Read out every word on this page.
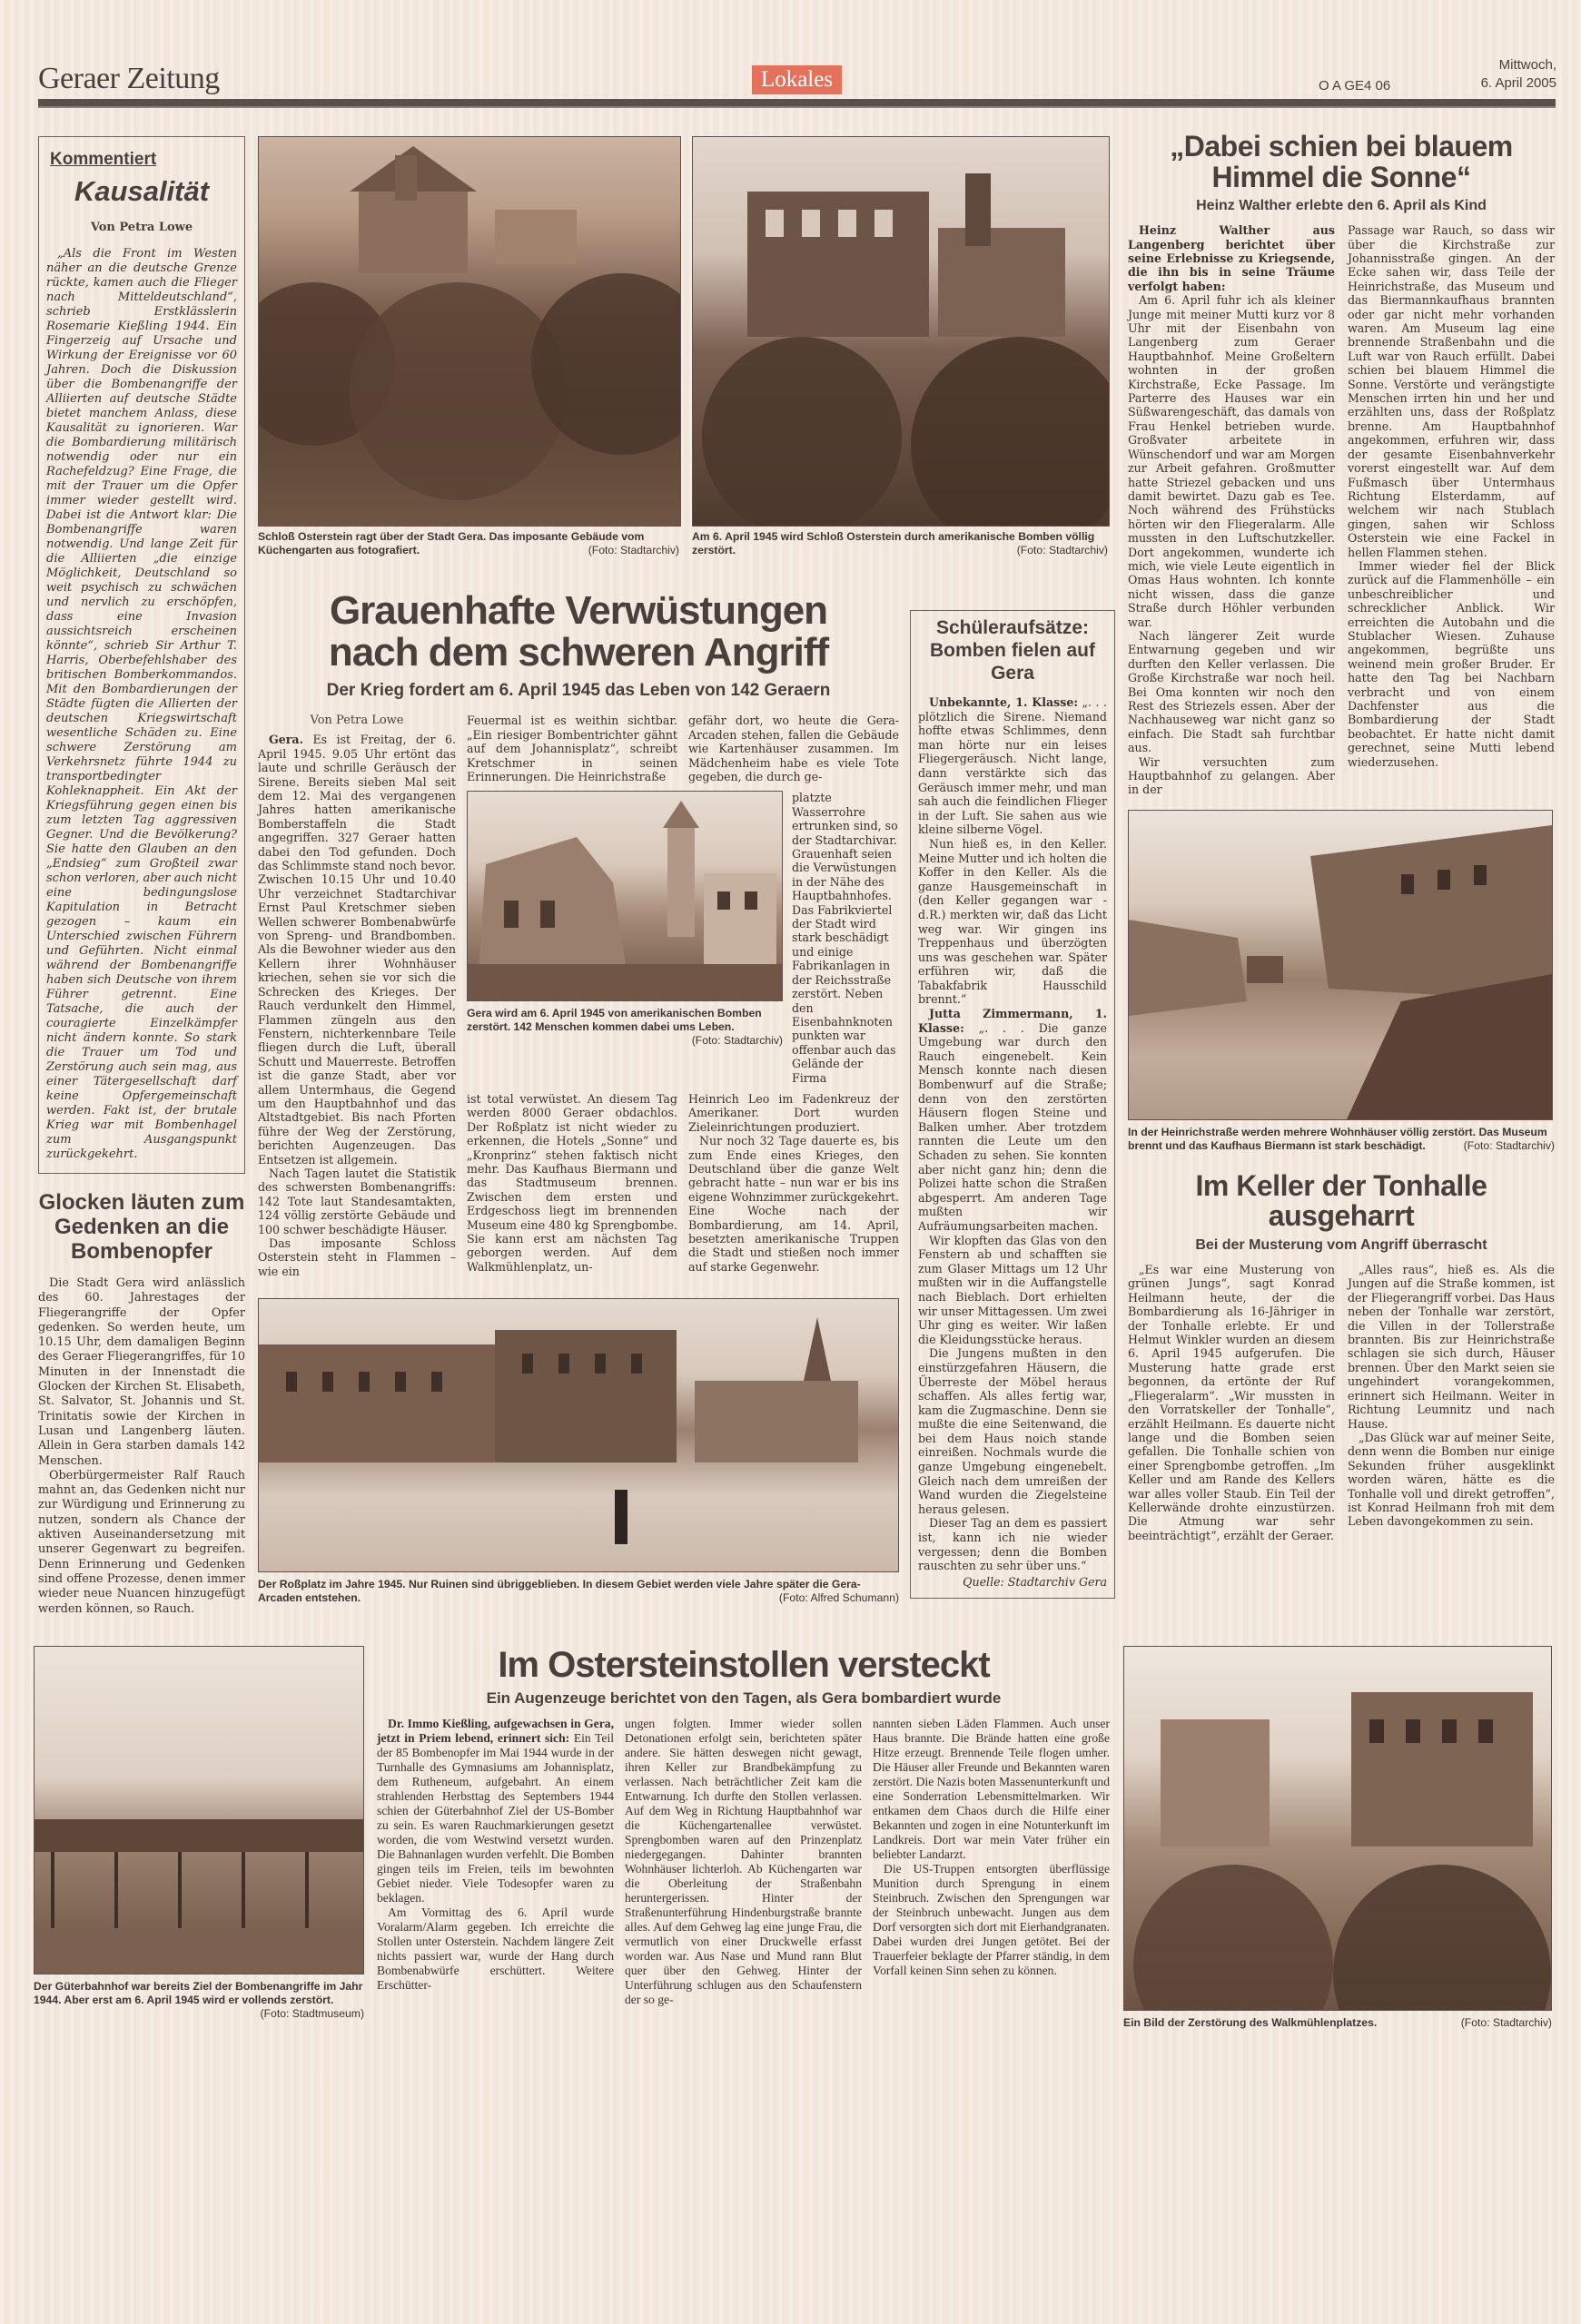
Geraer Zeitung	Lokales	O A GE4 06
Mittwoch,
6. April 2005
Kommentiert
Kausalität
Von Petra Lowe

„Als die Front im Westen näher an die deutsche Grenze rückte, kamen auch die Flieger nach Mitteldeutschland“, schrieb Erstklässlerin Rosemarie Kießling 1944. Ein Fingerzeig auf Ursache und Wirkung der Ereignisse vor 60 Jahren. Doch die Diskussion über die Bombenangriffe der Alliierten auf deutsche Städte bietet manchem Anlass, diese Kausalität zu ignorieren. War die Bombardierung militärisch notwendig oder nur ein Rachefeldzug? Eine Frage, die mit der Trauer um die Opfer immer wieder gestellt wird. Dabei ist die Antwort klar: Die Bombenangriffe waren notwendig. Und lange Zeit für die Alliierten „die einzige Möglichkeit, Deutschland so weit psychisch zu schwächen und nervlich zu erschöpfen, dass eine Invasion aussichtsreich erscheinen könnte“, schrieb Sir Arthur T. Harris, Oberbefehlshaber des britischen Bomberkommandos. Mit den Bombardierungen der Städte fügten die Allierten der deutschen Kriegswirtschaft wesentliche Schäden zu. Eine schwere Zerstörung am Verkehrsnetz führte 1944 zu transportbedingter Kohleknappheit. Ein Akt der Kriegsführung gegen einen bis zum letzten Tag aggressiven Gegner. Und die Bevölkerung? Sie hatte den Glauben an den „Endsieg“ zum Großteil zwar schon verloren, aber auch nicht eine bedingungslose Kapitulation in Betracht gezogen – kaum ein Unterschied zwischen Führern und Geführten. Nicht einmal während der Bombenangriffe haben sich Deutsche von ihrem Führer getrennt. Eine Tatsache, die auch der couragierte Einzelkämpfer nicht ändern konnte. So stark die Trauer um Tod und Zerstörung auch sein mag, aus einer Tätergesellschaft darf keine Opfergemeinschaft werden. Fakt ist, der brutale Krieg war mit Bombenhagel zum Ausgangspunkt zurückgekehrt.

Glocken läuten zum Gedenken an die Bombenopfer

Die Stadt Gera wird anlässlich des 60. Jahrestages der Fliegerangriffe der Opfer gedenken. So werden heute, um 10.15 Uhr, dem damaligen Beginn des Geraer Fliegerangriffes, für 10 Minuten in der Innenstadt die Glocken der Kirchen St. Elisabeth, St. Salvator, St. Johannis und St. Trinitatis sowie der Kirchen in Lusan und Langenberg läuten. Allein in Gera starben damals 142 Menschen.

Oberbürgermeister Ralf Rauch mahnt an, das Gedenken nicht nur zur Würdigung und Erinnerung zu nutzen, sondern als Chance der aktiven Auseinandersetzung mit unserer Gegenwart zu begreifen. Denn Erinnerung und Gedenken sind offene Prozesse, denen immer wieder neue Nuancen hinzugefügt werden können, so Rauch.

Schloß Osterstein ragt über der Stadt Gera. Das imposante Gebäude vom Küchengarten aus fotografiert.	(Foto: Stadtarchiv)
Am 6. April 1945 wird Schloß Osterstein durch amerikanische Bomben völlig zerstört.	(Foto: Stadtarchiv)
Grauenhafte Verwüstungen
nach dem schweren Angriff
Der Krieg fordert am 6. April 1945 das Leben von 142 Geraern
Von Petra Lowe

Gera. Es ist Freitag, der 6. April 1945. 9.05 Uhr ertönt das laute und schrille Geräusch der Sirene. Bereits sieben Mal seit dem 12. Mai des vergangenen Jahres hatten amerikanische Bomberstaffeln die Stadt angegriffen. 327 Geraer hatten dabei den Tod gefunden. Doch das Schlimmste stand noch bevor. Zwischen 10.15 Uhr und 10.40 Uhr verzeichnet Stadtarchivar Ernst Paul Kretschmer sieben Wellen schwerer Bombenabwürfe von Spreng- und Brandbomben. Als die Bewohner wieder aus den Kellern ihrer Wohnhäuser kriechen, sehen sie vor sich die Schrecken des Krieges. Der Rauch verdunkelt den Himmel, Flammen züngeln aus den Fenstern, nichterkennbare Teile fliegen durch die Luft, überall Schutt und Mauerreste. Betroffen ist die ganze Stadt, aber vor allem Untermhaus, die Gegend um den Hauptbahnhof und das Altstadtgebiet. Bis nach Pforten führe der Weg der Zerstörung, berichten Augenzeugen. Das Entsetzen ist allgemein.

Nach Tagen lautet die Statistik des schwersten Bombenangriffs: 142 Tote laut Standesamtakten, 124 völlig zerstörte Gebäude und 100 schwer beschädigte Häuser.

Das imposante Schloss Osterstein steht in Flammen – wie ein

Feuermal ist es weithin sichtbar. „Ein riesiger Bombentrichter gähnt auf dem Johannisplatz“, schreibt Kretschmer in seinen Erinnerungen. Die Heinrichstraße

gefähr dort, wo heute die Gera-Arcaden stehen, fallen die Gebäude wie Kartenhäuser zusammen. Im Mädchenheim habe es viele Tote gegeben, die durch ge-

Gera wird am 6. April 1945 von amerikanischen Bomben zerstört. 142 Menschen kommen dabei ums Leben.
(Foto: Stadtarchiv)

platzte Wasserrohre ertrunken sind, so der Stadtarchivar. Grauenhaft seien die Verwüstungen in der Nähe des Hauptbahnhofes. Das Fabrikviertel der Stadt wird stark beschädigt und einige Fabrikanlagen in der Reichsstraße zerstört. Neben den Eisenbahnknotenpunkten war offenbar auch das Gelände der Firma

ist total verwüstet. An diesem Tag werden 8000 Geraer obdachlos. Der Roßplatz ist nicht wieder zu erkennen, die Hotels „Sonne“ und „Kronprinz“ stehen faktisch nicht mehr. Das Kaufhaus Biermann und das Stadtmuseum brennen. Zwischen dem ersten und Erdgeschoss liegt im brennenden Museum eine 480 kg Sprengbombe. Sie kann erst am nächsten Tag geborgen werden. Auf dem Walkmühlenplatz, un-

Heinrich Leo im Fadenkreuz der Amerikaner. Dort wurden Zieleinrichtungen produziert.

Nur noch 32 Tage dauerte es, bis zum Ende eines Krieges, den Deutschland über die ganze Welt gebracht hatte – nun war er bis ins eigene Wohnzimmer zurückgekehrt. Eine Woche nach der Bombardierung, am 14. April, besetzten amerikanische Truppen die Stadt und stießen noch immer auf starke Gegenwehr.

Schüleraufsätze: Bomben fielen auf Gera

Unbekannte, 1. Klasse: „. . . plötzlich die Sirene. Niemand hoffte etwas Schlimmes, denn man hörte nur ein leises Fliegergeräusch. Nicht lange, dann verstärkte sich das Geräusch immer mehr, und man sah auch die feindlichen Flieger in der Luft. Sie sahen aus wie kleine silberne Vögel.

Nun hieß es, in den Keller. Meine Mutter und ich holten die Koffer in den Keller. Als die ganze Hausgemeinschaft in (den Keller gegangen war - d.R.) merkten wir, daß das Licht weg war. Wir gingen ins Treppenhaus und überzögten uns was geschehen war. Später erführen wir, daß die Tabakfabrik Hausschild brennt.“

Jutta Zimmermann, 1. Klasse: „. . . Die ganze Umgebung war durch den Rauch eingenebelt. Kein Mensch konnte nach diesen Bombenwurf auf die Straße; denn von den zerstörten Häusern flogen Steine und Balken umher. Aber trotzdem rannten die Leute um den Schaden zu sehen. Sie konnten aber nicht ganz hin; denn die Polizei hatte schon die Straßen abgesperrt. Am anderen Tage mußten wir Aufräumungsarbeiten machen.

Wir klopften das Glas von den Fenstern ab und schafften sie zum Glaser Mittags um 12 Uhr mußten wir in die Auffangstelle nach Bieblach. Dort erhielten wir unser Mittagessen. Um zwei Uhr ging es weiter. Wir laßen die Kleidungsstücke heraus.

Die Jungens mußten in den einstürzgefahren Häusern, die Überreste der Möbel heraus schaffen. Als alles fertig war, kam die Zugmaschine. Denn sie mußte die eine Seitenwand, die bei dem Haus noich stande einreißen. Nochmals wurde die ganze Umgebung eingenebelt. Gleich nach dem umreißen der Wand wurden die Ziegelsteine heraus gelesen.

Dieser Tag an dem es passiert ist, kann ich nie wieder vergessen; denn die Bomben rauschten zu sehr über uns.“

Quelle: Stadtarchiv Gera
„Dabei schien bei blauem
Himmel die Sonne“
Heinz Walther erlebte den 6. April als Kind

Heinz Walther aus Langenberg berichtet über seine Erlebnisse zu Kriegsende, die ihn bis in seine Träume verfolgt haben:

Am 6. April fuhr ich als kleiner Junge mit meiner Mutti kurz vor 8 Uhr mit der Eisenbahn von Langenberg zum Geraer Hauptbahnhof. Meine Großeltern wohnten in der großen Kirchstraße, Ecke Passage. Im Parterre des Hauses war ein Süßwarengeschäft, das damals von Frau Henkel betrieben wurde. Großvater arbeitete in Wünschendorf und war am Morgen zur Arbeit gefahren. Großmutter hatte Striezel gebacken und uns damit bewirtet. Dazu gab es Tee. Noch während des Frühstücks hörten wir den Fliegeralarm. Alle mussten in den Luftschutzkeller. Dort angekommen, wunderte ich mich, wie viele Leute eigentlich in Omas Haus wohnten. Ich konnte nicht wissen, dass die ganze Straße durch Höhler verbunden war.

Nach längerer Zeit wurde Entwarnung gegeben und wir durften den Keller verlassen. Die Große Kirchstraße war noch heil. Bei Oma konnten wir noch den Rest des Striezels essen. Aber der Nachhauseweg war nicht ganz so einfach. Die Stadt sah furchtbar aus.

Wir versuchten zum Hauptbahnhof zu gelangen. Aber in der

Passage war Rauch, so dass wir über die Kirchstraße zur Johannisstraße gingen. An der Ecke sahen wir, dass Teile der Heinrichstraße, das Museum und das Biermannkaufhaus brannten oder gar nicht mehr vorhanden waren. Am Museum lag eine brennende Straßenbahn und die Luft war von Rauch erfüllt. Dabei schien bei blauem Himmel die Sonne. Verstörte und verängstigte Menschen irrten hin und her und erzählten uns, dass der Roßplatz brenne. Am Hauptbahnhof angekommen, erfuhren wir, dass der gesamte Eisenbahnverkehr vorerst eingestellt war. Auf dem Fußmasch über Untermhaus Richtung Elsterdamm, auf welchem wir nach Stublach gingen, sahen wir Schloss Osterstein wie eine Fackel in hellen Flammen stehen.

Immer wieder fiel der Blick zurück auf die Flammenhölle – ein unbeschreiblicher und schrecklicher Anblick. Wir erreichten die Autobahn und die Stublacher Wiesen. Zuhause angekommen, begrüßte uns weinend mein großer Bruder. Er hatte den Tag bei Nachbarn verbracht und von einem Dachfenster aus die Bombardierung der Stadt beobachtet. Er hatte nicht damit gerechnet, seine Mutti lebend wiederzusehen.

In der Heinrichstraße werden mehrere Wohnhäuser völlig zerstört. Das Museum brennt und das Kaufhaus Biermann ist stark beschädigt.	(Foto: Stadtarchiv)
Im Keller der Tonhalle
ausgeharrt
Bei der Musterung vom Angriff überrascht

„Es war eine Musterung von grünen Jungs“, sagt Konrad Heilmann heute, der die Bombardierung als 16-Jähriger in der Tonhalle erlebte. Er und Helmut Winkler wurden an diesem 6. April 1945 aufgerufen. Die Musterung hatte grade erst begonnen, da ertönte der Ruf „Fliegeralarm“. „Wir mussten in den Vorratskeller der Tonhalle“, erzählt Heilmann. Es dauerte nicht lange und die Bomben seien gefallen. Die Tonhalle schien von einer Sprengbombe getroffen. „Im Keller und am Rande des Kellers war alles voller Staub. Ein Teil der Kellerwände drohte einzustürzen. Die Atmung war sehr beeinträchtigt“, erzählt der Geraer.

„Alles raus“, hieß es. Als die Jungen auf die Straße kommen, ist der Fliegerangriff vorbei. Das Haus neben der Tonhalle war zerstört, die Villen in der Tollerstraße brannten. Bis zur Heinrichstraße schlagen sie sich durch, Häuser brennen. Über den Markt seien sie ungehindert vorangekommen, erinnert sich Heilmann. Weiter in Richtung Leumnitz und nach Hause.

„Das Glück war auf meiner Seite, denn wenn die Bomben nur einige Sekunden früher ausgeklinkt worden wären, hätte es die Tonhalle voll und direkt getroffen“, ist Konrad Heilmann froh mit dem Leben davongekommen zu sein.

Der Roßplatz im Jahre 1945. Nur Ruinen sind übriggeblieben. In diesem Gebiet werden viele Jahre später die Gera-Arcaden entstehen.	(Foto: Alfred Schumann)
Der Güterbahnhof war bereits Ziel der Bombenangriffe im Jahr 1944. Aber erst am 6. April 1945 wird er vollends zerstört.
(Foto: Stadtmuseum)
Im Ostersteinstollen versteckt
Ein Augenzeuge berichtet von den Tagen, als Gera bombardiert wurde

Dr. Immo Kießling, aufgewachsen in Gera, jetzt in Priem lebend, erinnert sich: Ein Teil der 85 Bombenopfer im Mai 1944 wurde in der Turnhalle des Gymnasiums am Johannisplatz, dem Rutheneum, aufgebahrt. An einem strahlenden Herbsttag des Septembers 1944 schien der Güterbahnhof Ziel der US-Bomber zu sein. Es waren Rauchmarkierungen gesetzt worden, die vom Westwind versetzt wurden. Die Bahnanlagen wurden verfehlt. Die Bomben gingen teils im Freien, teils im bewohnten Gebiet nieder. Viele Todesopfer waren zu beklagen.

Am Vormittag des 6. April wurde Voralarm/Alarm gegeben. Ich erreichte die Stollen unter Osterstein. Nachdem längere Zeit nichts passiert war, wurde der Hang durch Bombenabwürfe erschüttert. Weitere Erschütter-

ungen folgten. Immer wieder sollen Detonationen erfolgt sein, berichteten später andere. Sie hätten deswegen nicht gewagt, ihren Keller zur Brandbekämpfung zu verlassen. Nach beträchtlicher Zeit kam die Entwarnung. Ich durfte den Stollen verlassen. Auf dem Weg in Richtung Hauptbahnhof war die Küchengartenallee verwüstet. Sprengbomben waren auf den Prinzenplatz niedergegangen. Dahinter brannten Wohnhäuser lichterloh. Ab Küchengarten war die Oberleitung der Straßenbahn heruntergerissen. Hinter der Straßenunterführung Hindenburgstraße brannte alles. Auf dem Gehweg lag eine junge Frau, die vermutlich von einer Druckwelle erfasst worden war. Aus Nase und Mund rann Blut quer über den Gehweg. Hinter der Unterführung schlugen aus den Schaufenstern der so ge-

nannten sieben Läden Flammen. Auch unser Haus brannte. Die Brände hatten eine große Hitze erzeugt. Brennende Teile flogen umher. Die Häuser aller Freunde und Bekannten waren zerstört. Die Nazis boten Massenunterkunft und eine Sonderration Lebensmittelmarken. Wir entkamen dem Chaos durch die Hilfe einer Bekannten und zogen in eine Notunterkunft im Landkreis. Dort war mein Vater früher ein beliebter Landarzt.

Die US-Truppen entsorgten überflüssige Munition durch Sprengung in einem Steinbruch. Zwischen den Sprengungen war der Steinbruch unbewacht. Jungen aus dem Dorf versorgten sich dort mit Eierhandgranaten. Dabei wurden drei Jungen getötet. Bei der Trauerfeier beklagte der Pfarrer ständig, in dem Vorfall keinen Sinn sehen zu können.

Ein Bild der Zerstörung des Walkmühlenplatzes.	(Foto: Stadtarchiv)
